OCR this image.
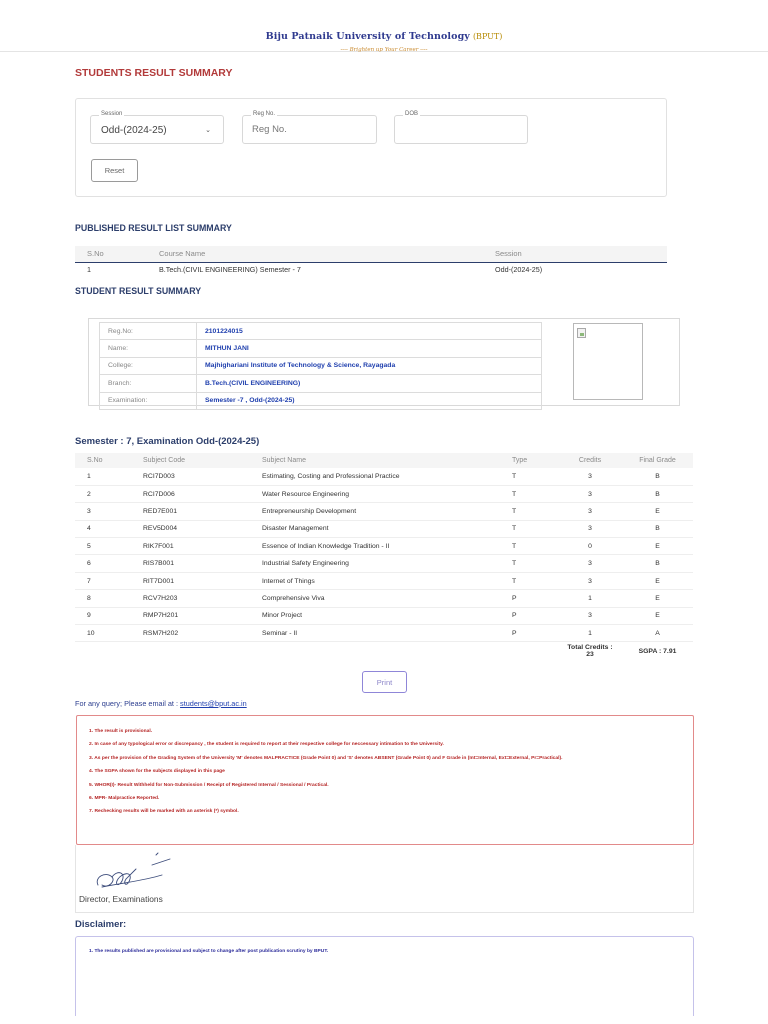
Biju Patnaik University of Technology (BPUT)
---- Brighten up Your Career ----
STUDENTS RESULT SUMMARY
Session
Odd-(2024-25)	⌄
Reg No.
Reg No.	DOB
Reset
PUBLISHED RESULT LIST SUMMARY
S.No	Course Name	Session
1	B.Tech.(CIVIL ENGINEERING) Semester - 7	Odd-(2024-25)
STUDENT RESULT SUMMARY
Reg.No:	2101224015
Name:	MITHUN JANI
College:	Majhighariani Institute of Technology & Science, Rayagada
Branch:	B.Tech.(CIVIL ENGINEERING)
Examination:	Semester -7 , Odd-(2024-25)
Semester : 7, Examination Odd-(2024-25)
S.No	Subject Code	Subject Name	Type	Credits	Final Grade
1	RCI7D003	Estimating, Costing and Professional Practice	T	3	B
2	RCI7D006	Water Resource Engineering	T	3	B
3	RED7E001	Entrepreneurship Development	T	3	E
4	REV5D004	Disaster Management	T	3	B
5	RIK7F001	Essence of Indian Knowledge Tradition - II	T	0	E
6	RIS7B001	Industrial Safety Engineering	T	3	B
7	RIT7D001	Internet of Things	T	3	E
8	RCV7H203	Comprehensive Viva	P	1	E
9	RMP7H201	Minor Project	P	3	E
10	RSM7H202	Seminar - II	P	1	A

				Total Credits :
23	SGPA : 7.91
Print
For any query; Please email at : students@bput.ac.in
1. The result is provisional.
2. In case of any typological error or discrepancy , the student is required to report at their respective college for neccessary intimation to the University.
3. As per the provision of the Grading System of the University 'M' denotes MALPRACTICE (Grade Point 0) and 'S' denotes ABSENT (Grade Point 0) and F Grade in (Int=Internal, Ext=External, Pr=Practical).
4. The SGPA shown for the subjects displayed in this page
5. WHOR(I)- Result Withheld for Non-Submission / Receipt of Registered Internal / Sessional / Practical.
6. MPR- Malpractice Reported.
7. Rechecking results will be marked with an asterisk (*) symbol.
Director, Examinations
Disclaimer:
1. The results published are provisional and subject to change after post publication scrutiny by BPUT.
